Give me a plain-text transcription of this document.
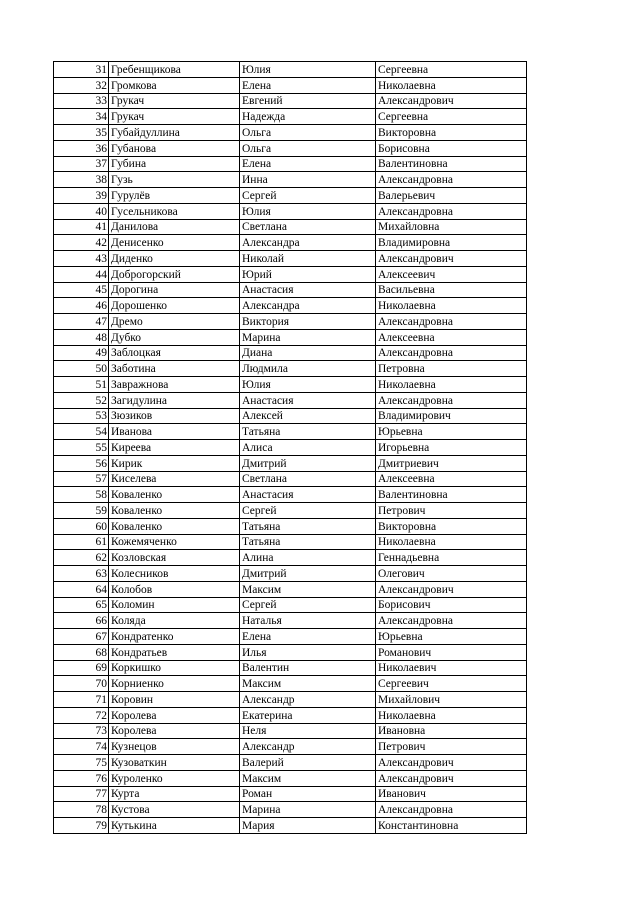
31	Гребенщикова	Юлия	Сергеевна
32	Громкова	Елена	Николаевна
33	Грукач	Евгений	Александрович
34	Грукач	Надежда	Сергеевна
35	Губайдуллина	Ольга	Викторовна
36	Губанова	Ольга	Борисовна
37	Губина	Елена	Валентиновна
38	Гузь	Инна	Александровна
39	Гурулёв	Сергей	Валерьевич
40	Гусельникова	Юлия	Александровна
41	Данилова	Светлана	Михайловна
42	Денисенко	Александра	Владимировна
43	Диденко	Николай	Александрович
44	Доброгорский	Юрий	Алексеевич
45	Дорогина	Анастасия	Васильевна
46	Дорошенко	Александра	Николаевна
47	Дремо	Виктория	Александровна
48	Дубко	Марина	Алексеевна
49	Заблоцкая	Диана	Александровна
50	Заботина	Людмила	Петровна
51	Завражнова	Юлия	Николаевна
52	Загидулина	Анастасия	Александровна
53	Зюзиков	Алексей	Владимирович
54	Иванова	Татьяна	Юрьевна
55	Киреева	Алиса	Игорьевна
56	Кирик	Дмитрий	Дмитриевич
57	Киселева	Светлана	Алексеевна
58	Коваленко	Анастасия	Валентиновна
59	Коваленко	Сергей	Петрович
60	Коваленко	Татьяна	Викторовна
61	Кожемяченко	Татьяна	Николаевна
62	Козловская	Алина	Геннадьевна
63	Колесников	Дмитрий	Олегович
64	Колобов	Максим	Александрович
65	Коломин	Сергей	Борисович
66	Коляда	Наталья	Александровна
67	Кондратенко	Елена	Юрьевна
68	Кондратьев	Илья	Романович
69	Коркишко	Валентин	Николаевич
70	Корниенко	Максим	Сергеевич
71	Коровин	Александр	Михайлович
72	Королева	Екатерина	Николаевна
73	Королева	Неля	Ивановна
74	Кузнецов	Александр	Петрович
75	Кузоваткин	Валерий	Александрович
76	Куроленко	Максим	Александрович
77	Курта	Роман	Иванович
78	Кустова	Марина	Александровна
79	Кутькина	Мария	Константиновна
